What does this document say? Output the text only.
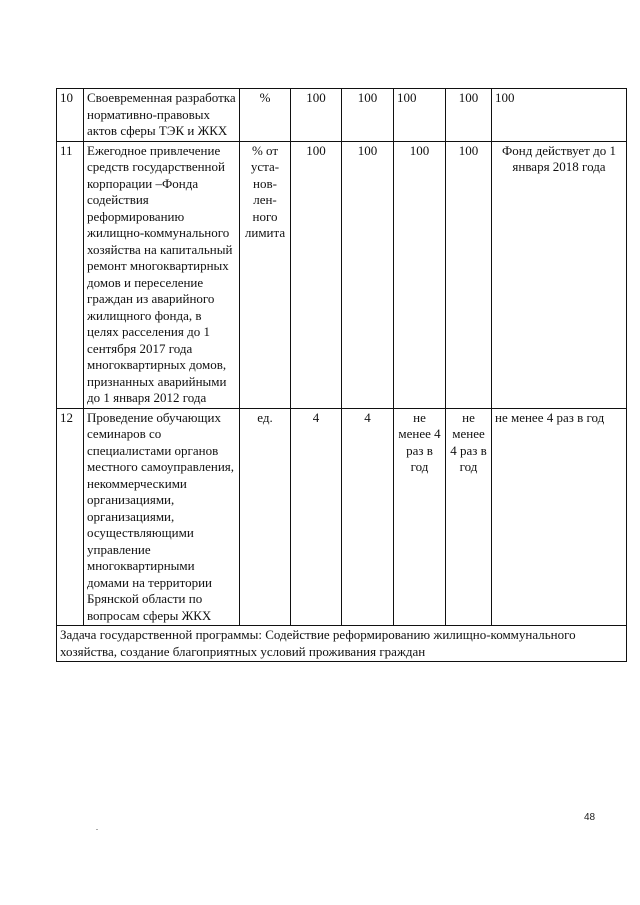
10	Своевременная разработка нормативно-правовых актов сферы ТЭК и ЖКХ	%	100	100	100	100	100
11	Ежегодное привлечение средств государственной корпорации –Фонда содействия реформированию жилищно-коммунального хозяйства на капитальный ремонт многоквартирных домов и переселение граждан из аварийного жилищного фонда, в целях расселения до 1 сентября 2017 года многоквартирных домов, признанных аварийными до 1 января 2012 года	% от уста-нов-лен-ного лимита	100	100	100	100	Фонд действует до 1 января 2018 года
12	Проведение обучающих семинаров со специалистами органов местного самоуправления, некоммерческими организациями, организациями, осуществляющими управление многоквартирными домами на территории Брянской области по вопросам сферы ЖКХ	ед.	4	4	не менее 4 раз в год	не менее 4 раз в год	не менее 4 раз в год
Задача государственной программы: Содействие реформированию жилищно-коммунального хозяйства, создание благоприятных условий проживания граждан							
48
